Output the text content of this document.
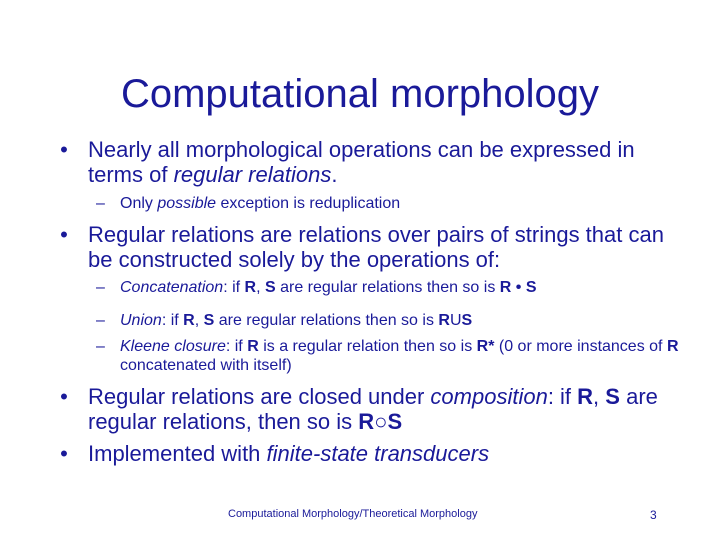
Computational morphology
• Nearly all morphological operations can be expressed in terms of regular relations.
– Only possible exception is reduplication
• Regular relations are relations over pairs of strings that can be constructed solely by the operations of:
– Concatenation: if R, S are regular relations then so is R • S
– Union: if R, S are regular relations then so is RUS
– Kleene closure: if R is a regular relation then so is R* (0 or more instances of R concatenated with itself)
• Regular relations are closed under composition: if R, S are regular relations, then so is R○S
• Implemented with finite-state transducers
Computational Morphology/Theoretical Morphology	3
